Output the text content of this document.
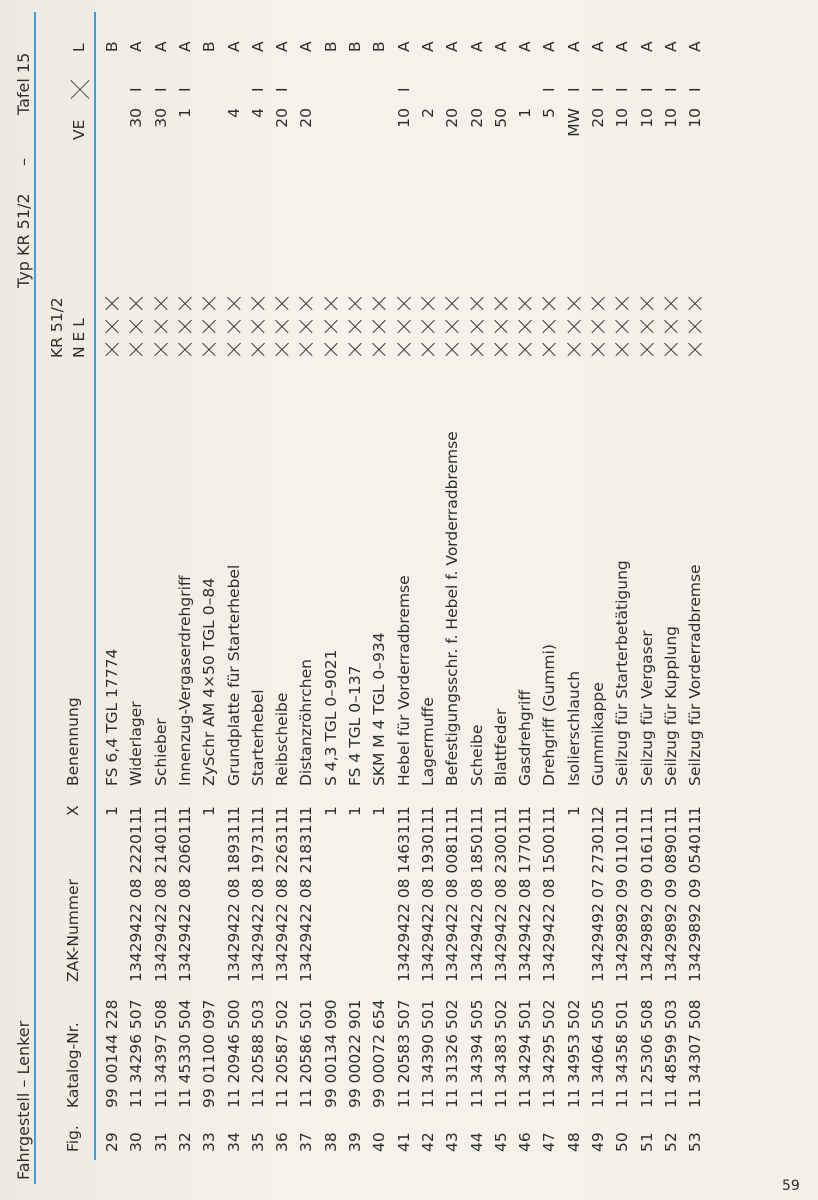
Fahrgestell – Lenker
Typ KR 51/2
–
Tafel 15
Fig.
Katalog-Nr.
ZAK-Nummer
X
Benennung
KR 51/2 N E L
VE
L
29
99 00144 228
1
FS 6,4 TGL 17774
B
30
11 34296 507
13429422 08 222011
1
Widerlager
30
I
A
31
11 34397 508
13429422 08 214011
1
Schieber
30
I
A
32
11 45330 504
13429422 08 206011
1
Innenzug-Vergaserdrehgriff
1
I
A
33
99 01100 097
1
ZySchr AM 4×50 TGL 0–84
B
34
11 20946 500
13429422 08 189311
1
Grundplatte für Starterhebel
4
A
35
11 20588 503
13429422 08 197311
1
Starterhebel
4
I
A
36
11 20587 502
13429422 08 226311
1
Reibscheibe
20
I
A
37
11 20586 501
13429422 08 218311
1
Distanzröhrchen
20
A
38
99 00134 090
1
S 4,3 TGL 0–9021
B
39
99 00022 901
1
FS 4 TGL 0–137
B
40
99 00072 654
1
SKM M 4 TGL 0–934
B
41
11 20583 507
13429422 08 146311
1
Hebel für Vorderradbremse
10
I
A
42
11 34390 501
13429422 08 193011
1
Lagermuffe
2
A
43
11 31326 502
13429422 08 008111
1
Befestigungsschr. f. Hebel f. Vorderradbremse
20
A
44
11 34394 505
13429422 08 185011
1
Scheibe
20
A
45
11 34383 502
13429422 08 230011
1
Blattfeder
50
A
46
11 34294 501
13429422 08 177011
1
Gasdrehgriff
1
A
47
11 34295 502
13429422 08 150011
1
Drehgriff (Gummi)
5
I
A
48
11 34953 502
1
Isolierschlauch
MW
I
A
49
11 34064 505
13429492 07 273011
2
Gummikappe
20
I
A
50
11 34358 501
13429892 09 011011
1
Seilzug für Starterbetätigung
10
I
A
51
11 25306 508
13429892 09 016111
1
Seilzug für Vergaser
10
I
A
52
11 48599 503
13429892 09 089011
1
Seilzug für Kupplung
10
I
A
53
11 34307 508
13429892 09 054011
1
Seilzug für Vorderradbremse
10
I
A
59
